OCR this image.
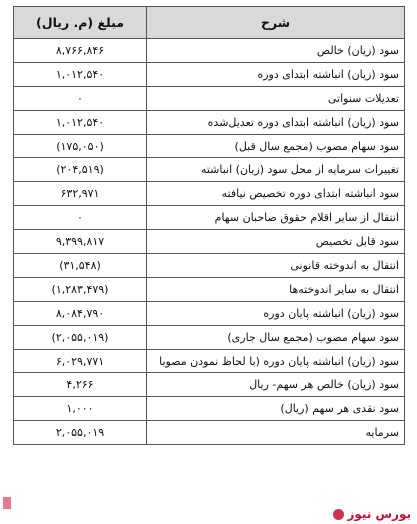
شرح	مبلغ (م. ریال)
سود (زیان) خالص	۸,۷۶۶,۸۴۶
سود (زیان) انباشته ابتدای دوره	۱,۰۱۲,۵۴۰
تعدیلات سنواتی	۰
سود (زیان) انباشته ابتدای دوره تعدیل‌شده	۱,۰۱۲,۵۴۰
سود سهام مصوب (مجمع سال قبل)	(۱۷۵,۰۵۰)
تغییرات سرمایه از محل سود (زیان) انباشته	(۲۰۴,۵۱۹)
سود انباشته ابتدای دوره تخصیص نیافته	۶۳۲,۹۷۱
انتقال از سایر اقلام حقوق صاحبان سهام	۰
سود قابل تخصیص	۹,۳۹۹,۸۱۷
انتقال به اندوخته قانونی	(۳۱,۵۴۸)
انتقال به سایر اندوخته‌ها	(۱,۲۸۳,۴۷۹)
سود (زیان) انباشته پایان دوره	۸,۰۸۴,۷۹۰
سود سهام مصوب (مجمع سال جاری)	(۲,۰۵۵,۰۱۹)
سود (زیان) انباشته پایان دوره (با لحاظ نمودن مصوبا	۶,۰۲۹,۷۷۱
سود (زیان) خالص هر سهم- ریال	۴,۲۶۶
سود نقدی هر سهم (ریال)	۱,۰۰۰
سرمایه	۲,۰۵۵,۰۱۹
بورس نیوز
